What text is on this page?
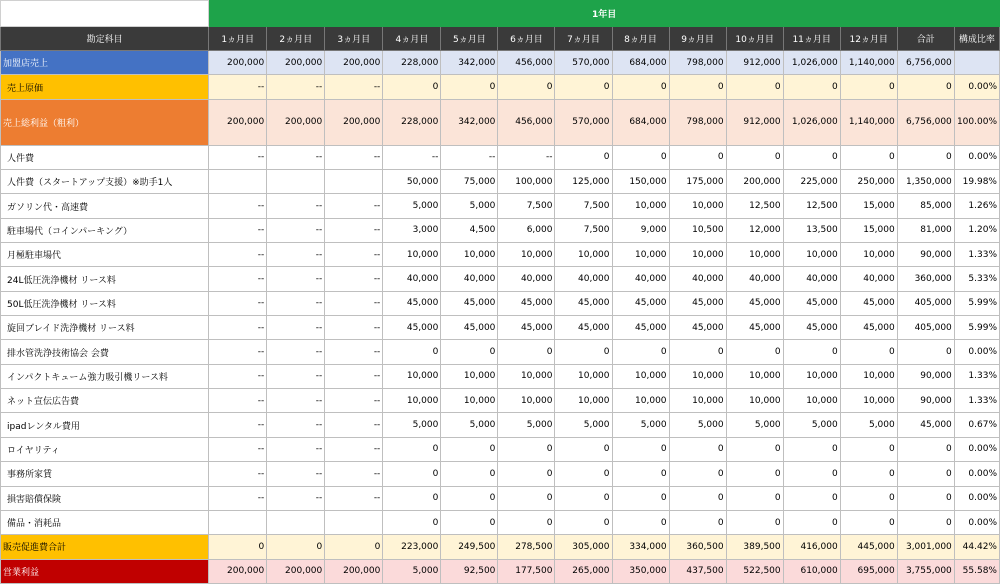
	1年目													
勘定科目	1ヵ月目	2ヵ月目	3ヵ月目	4ヵ月目	5ヵ月目	6ヵ月目	7ヵ月目	8ヵ月目	9ヵ月目	10ヵ月目	11ヵ月目	12ヵ月目	合計	構成比率
加盟店売上	200,000	200,000	200,000	228,000	342,000	456,000	570,000	684,000	798,000	912,000	1,026,000	1,140,000	6,756,000	
売上原価	--	--	--	0	0	0	0	0	0	0	0	0	0	0.00%
売上総利益（粗利）	200,000	200,000	200,000	228,000	342,000	456,000	570,000	684,000	798,000	912,000	1,026,000	1,140,000	6,756,000	100.00%
人件費	--	--	--	--	--	--	0	0	0	0	0	0	0	0.00%
人件費（スタートアップ支援）※助手1人				50,000	75,000	100,000	125,000	150,000	175,000	200,000	225,000	250,000	1,350,000	19.98%
ガソリン代・高速費	--	--	--	5,000	5,000	7,500	7,500	10,000	10,000	12,500	12,500	15,000	85,000	1.26%
駐車場代（コインパーキング）	--	--	--	3,000	4,500	6,000	7,500	9,000	10,500	12,000	13,500	15,000	81,000	1.20%
月極駐車場代	--	--	--	10,000	10,000	10,000	10,000	10,000	10,000	10,000	10,000	10,000	90,000	1.33%
24L低圧洗浄機材 リース料	--	--	--	40,000	40,000	40,000	40,000	40,000	40,000	40,000	40,000	40,000	360,000	5.33%
50L低圧洗浄機材 リース料	--	--	--	45,000	45,000	45,000	45,000	45,000	45,000	45,000	45,000	45,000	405,000	5.99%
旋回ブレイド洗浄機材 リース料	--	--	--	45,000	45,000	45,000	45,000	45,000	45,000	45,000	45,000	45,000	405,000	5.99%
排水管洗浄技術協会 会費	--	--	--	0	0	0	0	0	0	0	0	0	0	0.00%
インパクトキューム強力吸引機リース料	--	--	--	10,000	10,000	10,000	10,000	10,000	10,000	10,000	10,000	10,000	90,000	1.33%
ネット宣伝広告費	--	--	--	10,000	10,000	10,000	10,000	10,000	10,000	10,000	10,000	10,000	90,000	1.33%
ipadレンタル費用	--	--	--	5,000	5,000	5,000	5,000	5,000	5,000	5,000	5,000	5,000	45,000	0.67%
ロイヤリティ	--	--	--	0	0	0	0	0	0	0	0	0	0	0.00%
事務所家賃	--	--	--	0	0	0	0	0	0	0	0	0	0	0.00%
損害賠償保険	--	--	--	0	0	0	0	0	0	0	0	0	0	0.00%
備品・消耗品				0	0	0	0	0	0	0	0	0	0	0.00%
販売促進費合計	0	0	0	223,000	249,500	278,500	305,000	334,000	360,500	389,500	416,000	445,000	3,001,000	44.42%
営業利益	200,000	200,000	200,000	5,000	92,500	177,500	265,000	350,000	437,500	522,500	610,000	695,000	3,755,000	55.58%
